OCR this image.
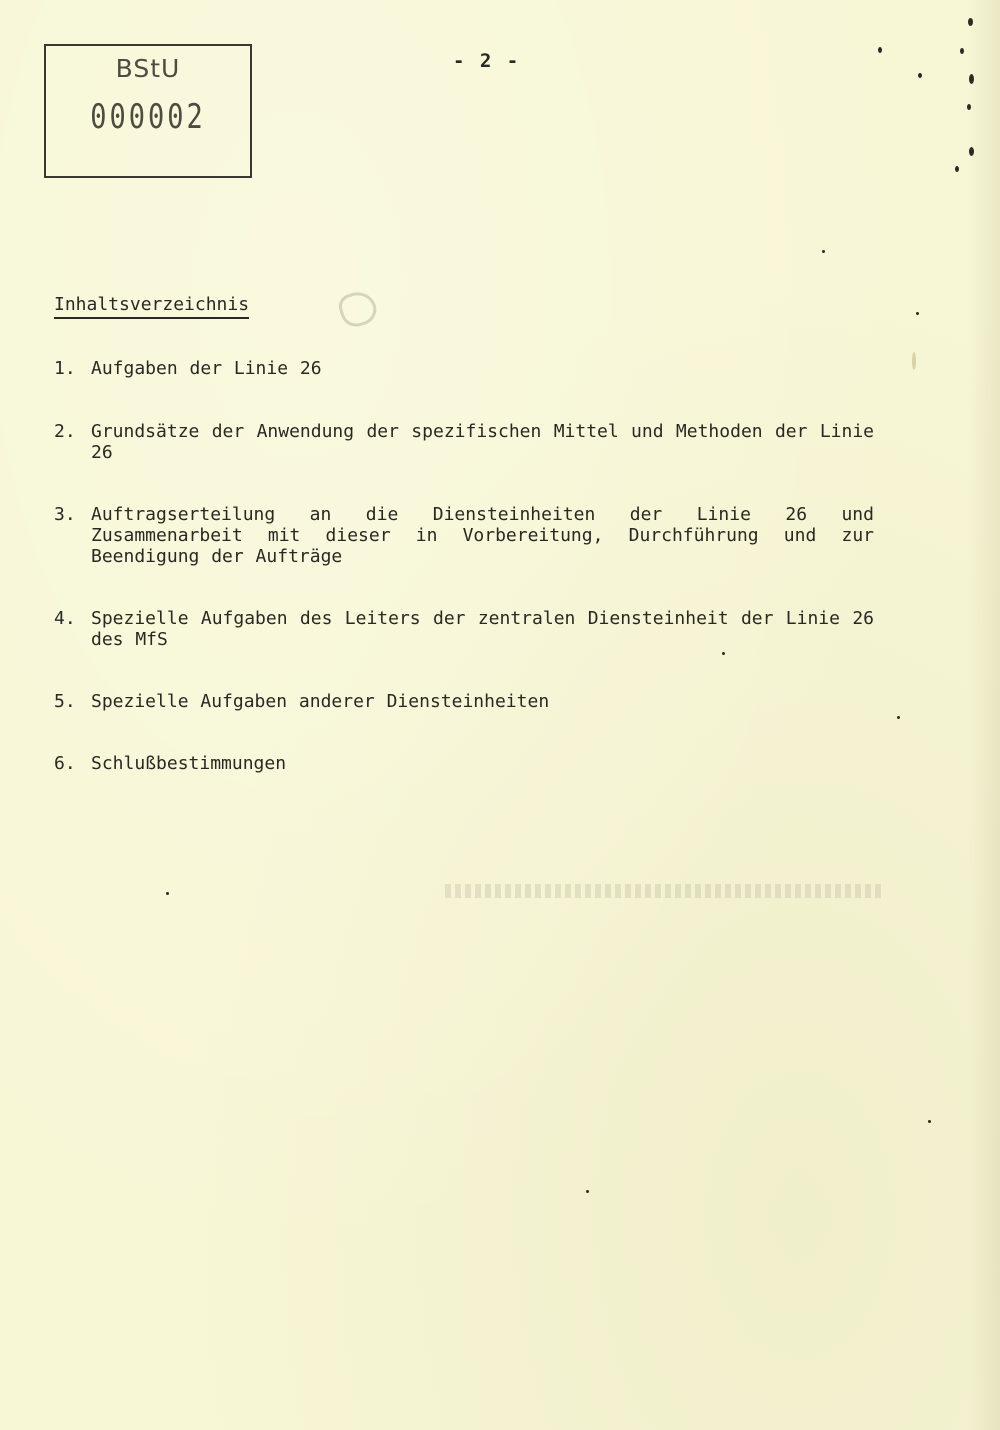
BStU
000002
- 2 -
Inhaltsverzeichnis
1. Aufgaben der Linie 26
2. Grundsätze der Anwendung der spezifischen Mittel und Methoden der Linie 26
3. Auftragserteilung an die Diensteinheiten der Linie 26 und Zusammenarbeit mit dieser in Vorbereitung, Durchführung und zur Beendigung der Aufträge
4. Spezielle Aufgaben des Leiters der zentralen Diensteinheit der Linie 26 des MfS
5. Spezielle Aufgaben anderer Diensteinheiten
6. Schlußbestimmungen
